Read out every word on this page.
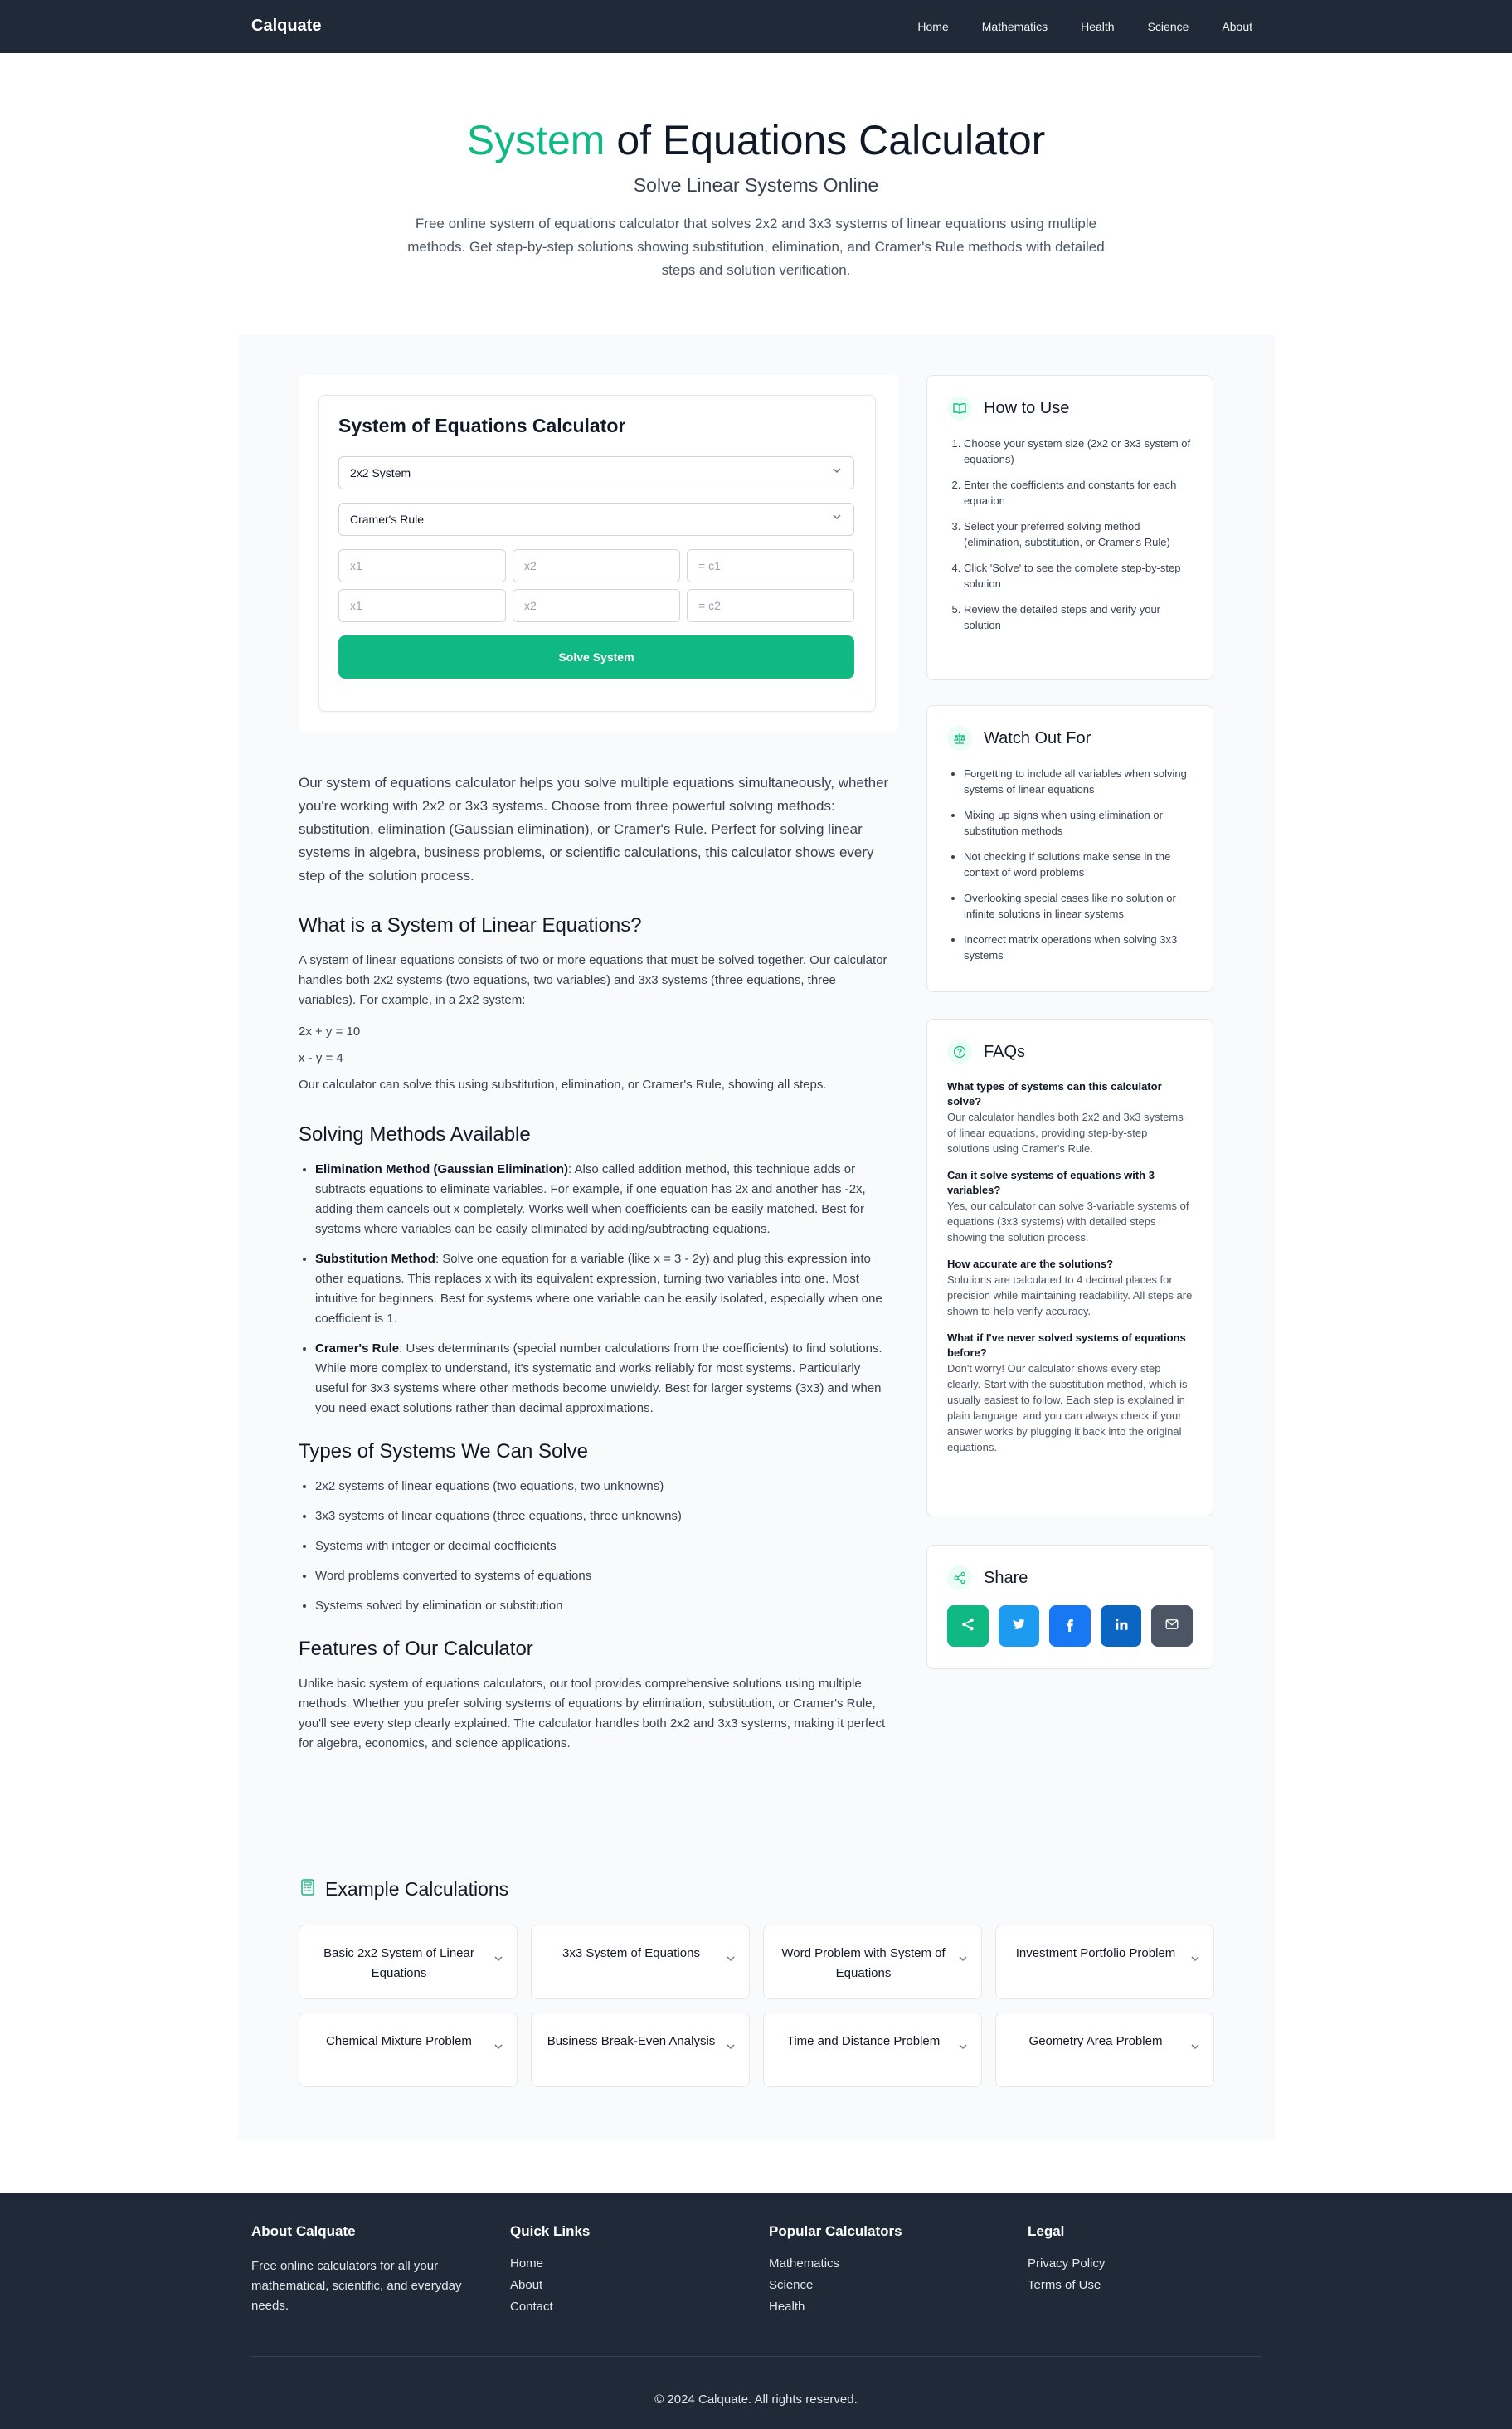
Calquate	Home	Mathematics	Health	Science	About
System of Equations Calculator
Solve Linear Systems Online

Free online system of equations calculator that solves 2x2 and 3x3 systems of linear equations using multiple methods. Get step-by-step solutions showing substitution, elimination, and Cramer's Rule methods with detailed steps and solution verification.

System of Equations Calculator
2x2 System
Cramer's Rule
x1	x2	= c1
x1	x2	= c2
Solve System

Our system of equations calculator helps you solve multiple equations simultaneously, whether you're working with 2x2 or 3x3 systems. Choose from three powerful solving methods: substitution, elimination (Gaussian elimination), or Cramer's Rule. Perfect for solving linear systems in algebra, business problems, or scientific calculations, this calculator shows every step of the solution process.

What is a System of Linear Equations?

A system of linear equations consists of two or more equations that must be solved together. Our calculator handles both 2x2 systems (two equations, two variables) and 3x3 systems (three equations, three variables). For example, in a 2x2 system:

2x + y = 10

x - y = 4

Our calculator can solve this using substitution, elimination, or Cramer's Rule, showing all steps.

Solving Methods Available
• Elimination Method (Gaussian Elimination): Also called addition method, this technique adds or subtracts equations to eliminate variables. For example, if one equation has 2x and another has -2x, adding them cancels out x completely. Works well when coefficients can be easily matched. Best for systems where variables can be easily eliminated by adding/subtracting equations.
• Substitution Method: Solve one equation for a variable (like x = 3 - 2y) and plug this expression into other equations. This replaces x with its equivalent expression, turning two variables into one. Most intuitive for beginners. Best for systems where one variable can be easily isolated, especially when one coefficient is 1.
• Cramer's Rule: Uses determinants (special number calculations from the coefficients) to find solutions. While more complex to understand, it's systematic and works reliably for most systems. Particularly useful for 3x3 systems where other methods become unwieldy. Best for larger systems (3x3) and when you need exact solutions rather than decimal approximations.
Types of Systems We Can Solve
• 2x2 systems of linear equations (two equations, two unknowns)
• 3x3 systems of linear equations (three equations, three unknowns)
• Systems with integer or decimal coefficients
• Word problems converted to systems of equations
• Systems solved by elimination or substitution
Features of Our Calculator

Unlike basic system of equations calculators, our tool provides comprehensive solutions using multiple methods. Whether you prefer solving systems of equations by elimination, substitution, or Cramer's Rule, you'll see every step clearly explained. The calculator handles both 2x2 and 3x3 systems, making it perfect for algebra, economics, and science applications.

How to Use
1. Choose your system size (2x2 or 3x3 system of equations)
2. Enter the coefficients and constants for each equation
3. Select your preferred solving method (elimination, substitution, or Cramer's Rule)
4. Click 'Solve' to see the complete step-by-step solution
5. Review the detailed steps and verify your solution
Watch Out For
• Forgetting to include all variables when solving systems of linear equations
• Mixing up signs when using elimination or substitution methods
• Not checking if solutions make sense in the context of word problems
• Overlooking special cases like no solution or infinite solutions in linear systems
• Incorrect matrix operations when solving 3x3 systems
FAQs
What types of systems can this calculator solve?
Our calculator handles both 2x2 and 3x3 systems of linear equations, providing step-by-step solutions using Cramer's Rule.
Can it solve systems of equations with 3 variables?
Yes, our calculator can solve 3-variable systems of equations (3x3 systems) with detailed steps showing the solution process.
How accurate are the solutions?
Solutions are calculated to 4 decimal places for precision while maintaining readability. All steps are shown to help verify accuracy.
What if I've never solved systems of equations before?
Don't worry! Our calculator shows every step clearly. Start with the substitution method, which is usually easiest to follow. Each step is explained in plain language, and you can always check if your answer works by plugging it back into the original equations.
Share
Example Calculations
Basic 2x2 System of Linear Equations
3x3 System of Equations	Word Problem with System of Equations
Investment Portfolio Problem
Chemical Mixture Problem	Business Break-Even Analysis	Time and Distance Problem	Geometry Area Problem
About Calquate

Free online calculators for all your mathematical, scientific, and everyday needs.

Quick Links
Home
About
Contact
Popular Calculators
Mathematics
Science
Health
Legal
Privacy Policy
Terms of Use
© 2024 Calquate. All rights reserved.
